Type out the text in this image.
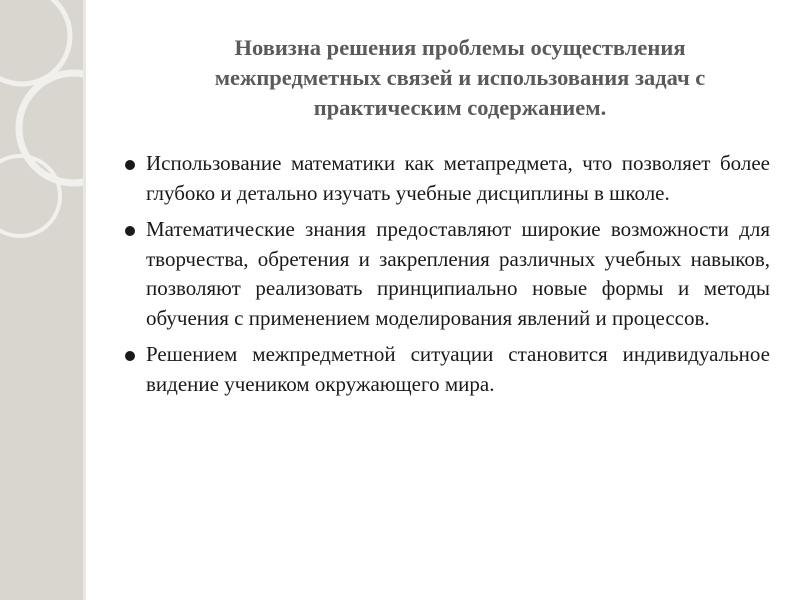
Новизна решения проблемы осуществления
межпредметных связей и использования задач с
практическим содержанием.
Использование математики как метапредмета, что позволяет более глубоко и детально изучать учебные дисциплины в школе.
Математические знания предоставляют широкие возможности для творчества, обретения и закрепления различных учебных навыков, позволяют реализовать принципиально новые формы и методы обучения с применением моделирования явлений и процессов.
Решением межпредметной ситуации становится индивидуальное видение учеником окружающего мира.
